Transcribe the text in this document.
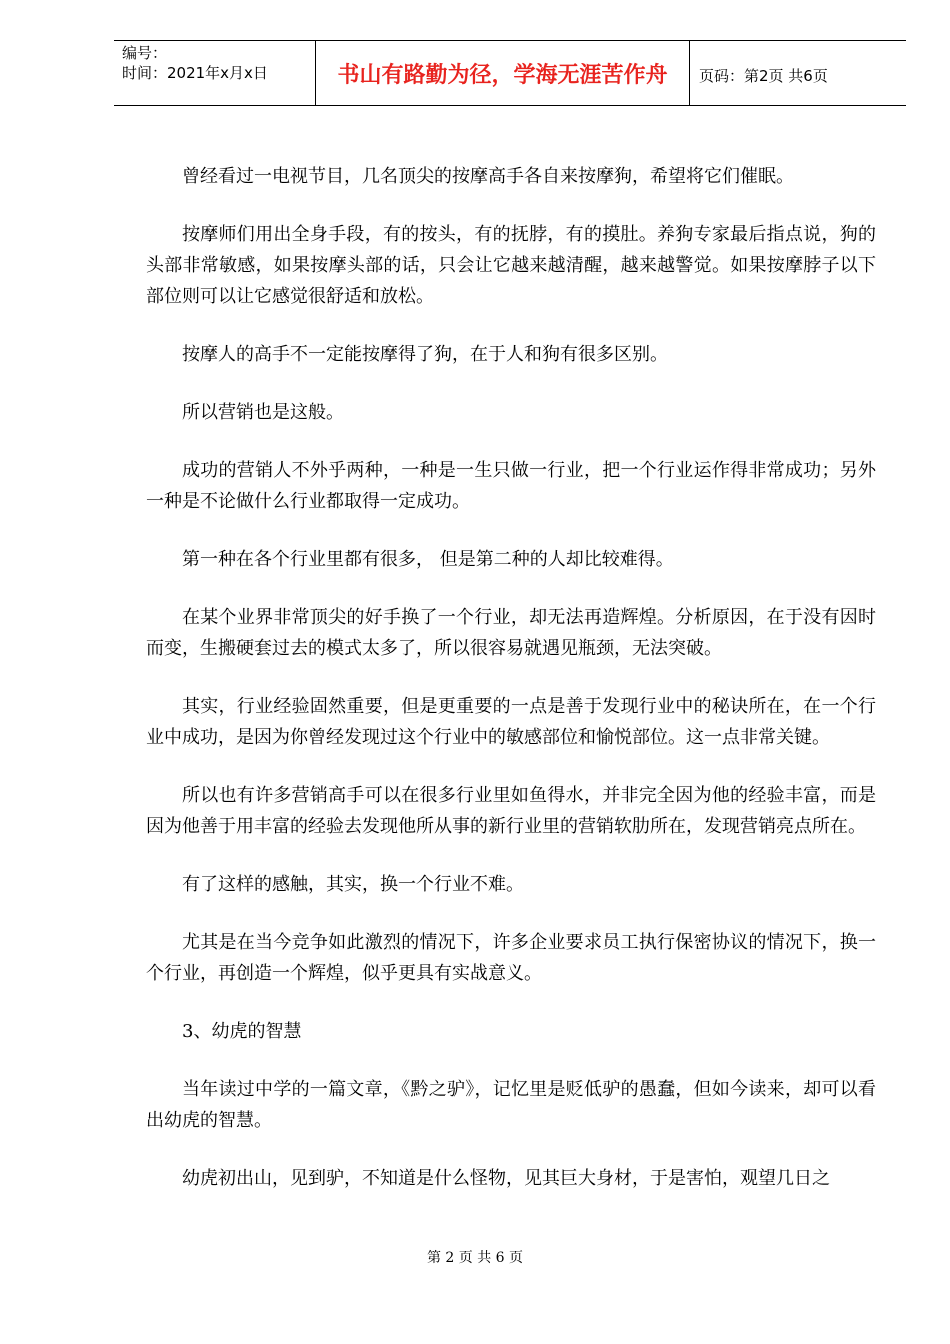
编号：
时间：2021年x月x日	书山有路勤为径，学海无涯苦作舟	页码：第2页 共6页

曾经看过一电视节目，几名顶尖的按摩高手各自来按摩狗，希望将它们催眠。

按摩师们用出全身手段，有的按头，有的抚脖，有的摸肚。养狗专家最后指点说，狗的头部非常敏感，如果按摩头部的话，只会让它越来越清醒，越来越警觉。如果按摩脖子以下部位则可以让它感觉很舒适和放松。

按摩人的高手不一定能按摩得了狗，在于人和狗有很多区别。

所以营销也是这般。

成功的营销人不外乎两种，一种是一生只做一行业，把一个行业运作得非常成功；另外一种是不论做什么行业都取得一定成功。

第一种在各个行业里都有很多， 但是第二种的人却比较难得。

在某个业界非常顶尖的好手换了一个行业，却无法再造辉煌。分析原因，在于没有因时而变，生搬硬套过去的模式太多了，所以很容易就遇见瓶颈，无法突破。

其实，行业经验固然重要，但是更重要的一点是善于发现行业中的秘诀所在，在一个行业中成功，是因为你曾经发现过这个行业中的敏感部位和愉悦部位。这一点非常关键。

所以也有许多营销高手可以在很多行业里如鱼得水，并非完全因为他的经验丰富，而是因为他善于用丰富的经验去发现他所从事的新行业里的营销软肋所在，发现营销亮点所在。

有了这样的感触，其实，换一个行业不难。

尤其是在当今竞争如此激烈的情况下，许多企业要求员工执行保密协议的情况下，换一个行业，再创造一个辉煌，似乎更具有实战意义。

3、幼虎的智慧

当年读过中学的一篇文章，《黔之驴》，记忆里是贬低驴的愚蠢，但如今读来，却可以看出幼虎的智慧。

幼虎初出山，见到驴，不知道是什么怪物，见其巨大身材，于是害怕，观望几日之

第 2 页 共 6 页
